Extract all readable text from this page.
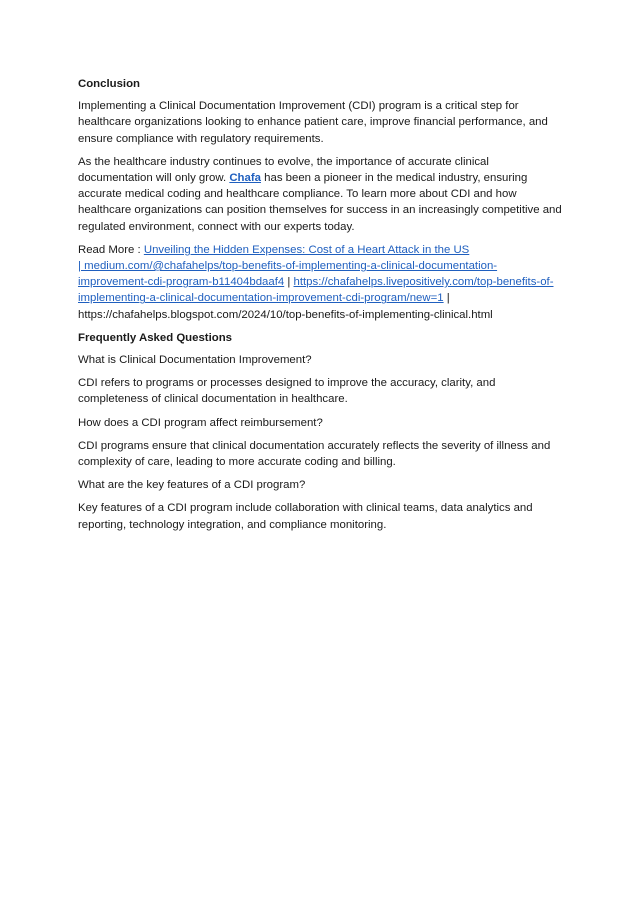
Conclusion

Implementing a Clinical Documentation Improvement (CDI) program is a critical step for healthcare organizations looking to enhance patient care, improve financial performance, and ensure compliance with regulatory requirements.

As the healthcare industry continues to evolve, the importance of accurate clinical documentation will only grow. Chafa has been a pioneer in the medical industry, ensuring accurate medical coding and healthcare compliance. To learn more about CDI and how healthcare organizations can position themselves for success in an increasingly competitive and regulated environment, connect with our experts today.

Read More : Unveiling the Hidden Expenses: Cost of a Heart Attack in the US
| medium.com/@chafahelps/top-benefits-of-implementing-a-clinical-documentation-improvement-cdi-program-b11404bdaaf4 | https://chafahelps.livepositively.com/top-benefits-of-implementing-a-clinical-documentation-improvement-cdi-program/new=1 |
https://chafahelps.blogspot.com/2024/10/top-benefits-of-implementing-clinical.html

Frequently Asked Questions

What is Clinical Documentation Improvement?

CDI refers to programs or processes designed to improve the accuracy, clarity, and completeness of clinical documentation in healthcare.

How does a CDI program affect reimbursement?

CDI programs ensure that clinical documentation accurately reflects the severity of illness and complexity of care, leading to more accurate coding and billing.

What are the key features of a CDI program?

Key features of a CDI program include collaboration with clinical teams, data analytics and reporting, technology integration, and compliance monitoring.
